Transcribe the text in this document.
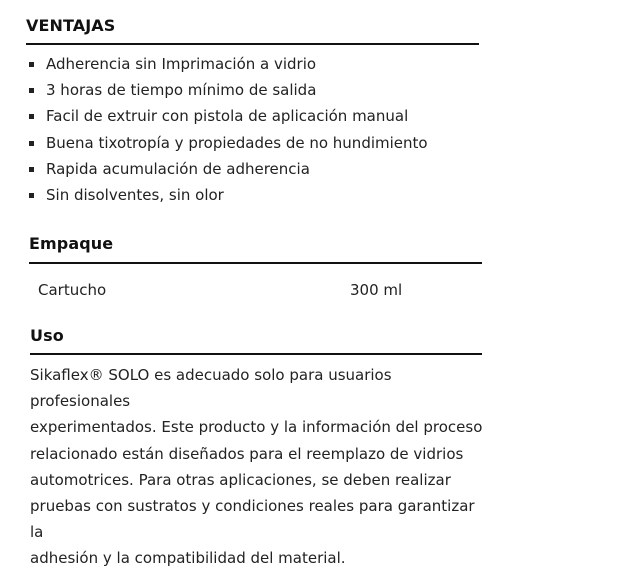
VENTAJAS
Adherencia sin Imprimación a vidrio
3 horas de tiempo mínimo de salida
Facil de extruir con pistola de aplicación manual
Buena tixotropía y propiedades de no hundimiento
Rapida acumulación de adherencia
Sin disolventes, sin olor
Empaque
Cartucho	300 ml
Uso
Sikaflex® SOLO es adecuado solo para usuarios profesionales
experimentados. Este producto y la información del proceso
relacionado están diseñados para el reemplazo de vidrios
automotrices. Para otras aplicaciones, se deben realizar
pruebas con sustratos y condiciones reales para garantizar la
adhesión y la compatibilidad del material.
